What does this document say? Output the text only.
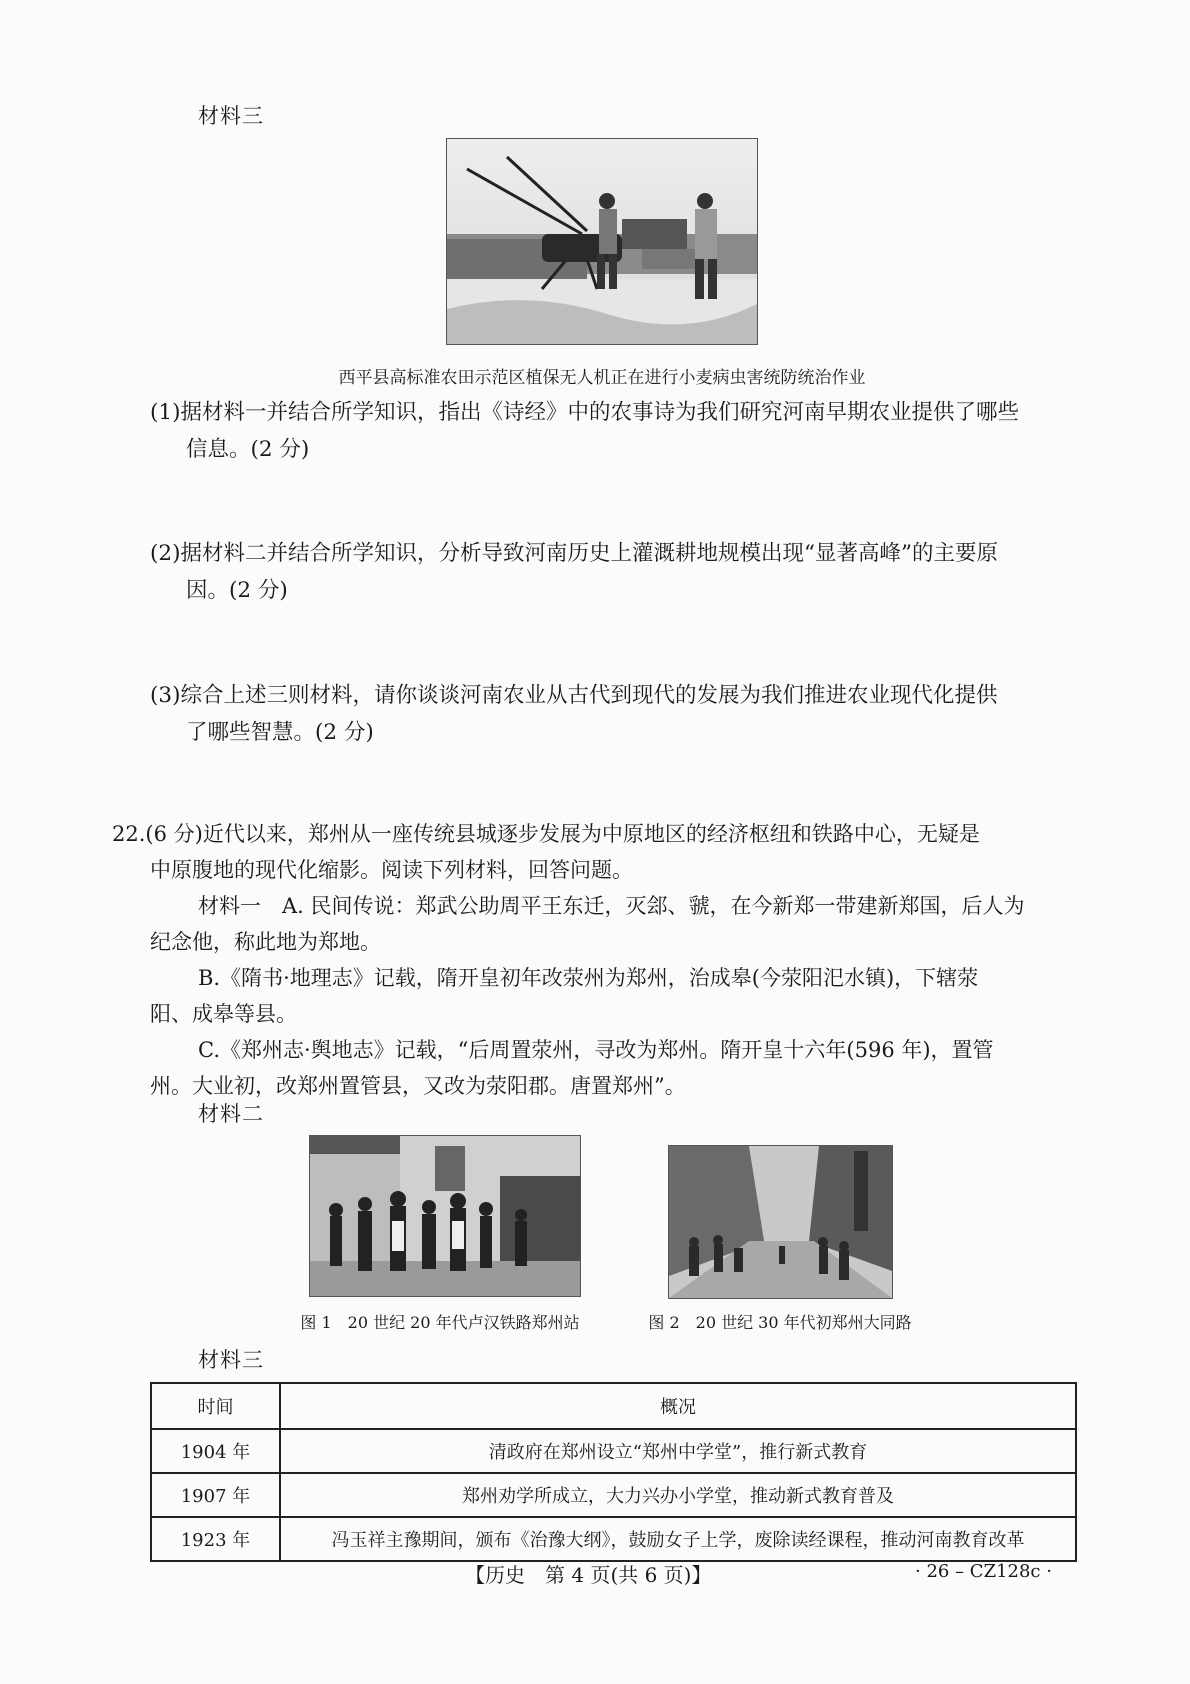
材料三
西平县高标准农田示范区植保无人机正在进行小麦病虫害统防统治作业
(1)据材料一并结合所学知识，指出《诗经》中的农事诗为我们研究河南早期农业提供了哪些
信息。(2 分)
(2)据材料二并结合所学知识，分析导致河南历史上灌溉耕地规模出现“显著高峰”的主要原
因。(2 分)
(3)综合上述三则材料，请你谈谈河南农业从古代到现代的发展为我们推进农业现代化提供
了哪些智慧。(2 分)
22.(6 分)近代以来，郑州从一座传统县城逐步发展为中原地区的经济枢纽和铁路中心，无疑是
中原腹地的现代化缩影。阅读下列材料，回答问题。
材料一　A. 民间传说：郑武公助周平王东迁，灭郐、虢，在今新郑一带建新郑国，后人为
纪念他，称此地为郑地。
B.《隋书·地理志》记载，隋开皇初年改荥州为郑州，治成皋(今荥阳汜水镇)，下辖荥
阳、成皋等县。
C.《郑州志·舆地志》记载，“后周置荥州，寻改为郑州。隋开皇十六年(596 年)，置管
州。大业初，改郑州置管县，又改为荥阳郡。唐置郑州”。
材料二
图 1　20 世纪 20 年代卢汉铁路郑州站	图 2　20 世纪 30 年代初郑州大同路
材料三
时间	概况
1904 年	清政府在郑州设立“郑州中学堂”，推行新式教育
1907 年	郑州劝学所成立，大力兴办小学堂，推动新式教育普及
1923 年	冯玉祥主豫期间，颁布《治豫大纲》，鼓励女子上学，废除读经课程，推动河南教育改革
【历史　第 4 页(共 6 页)】	· 26 – CZ128c ·
